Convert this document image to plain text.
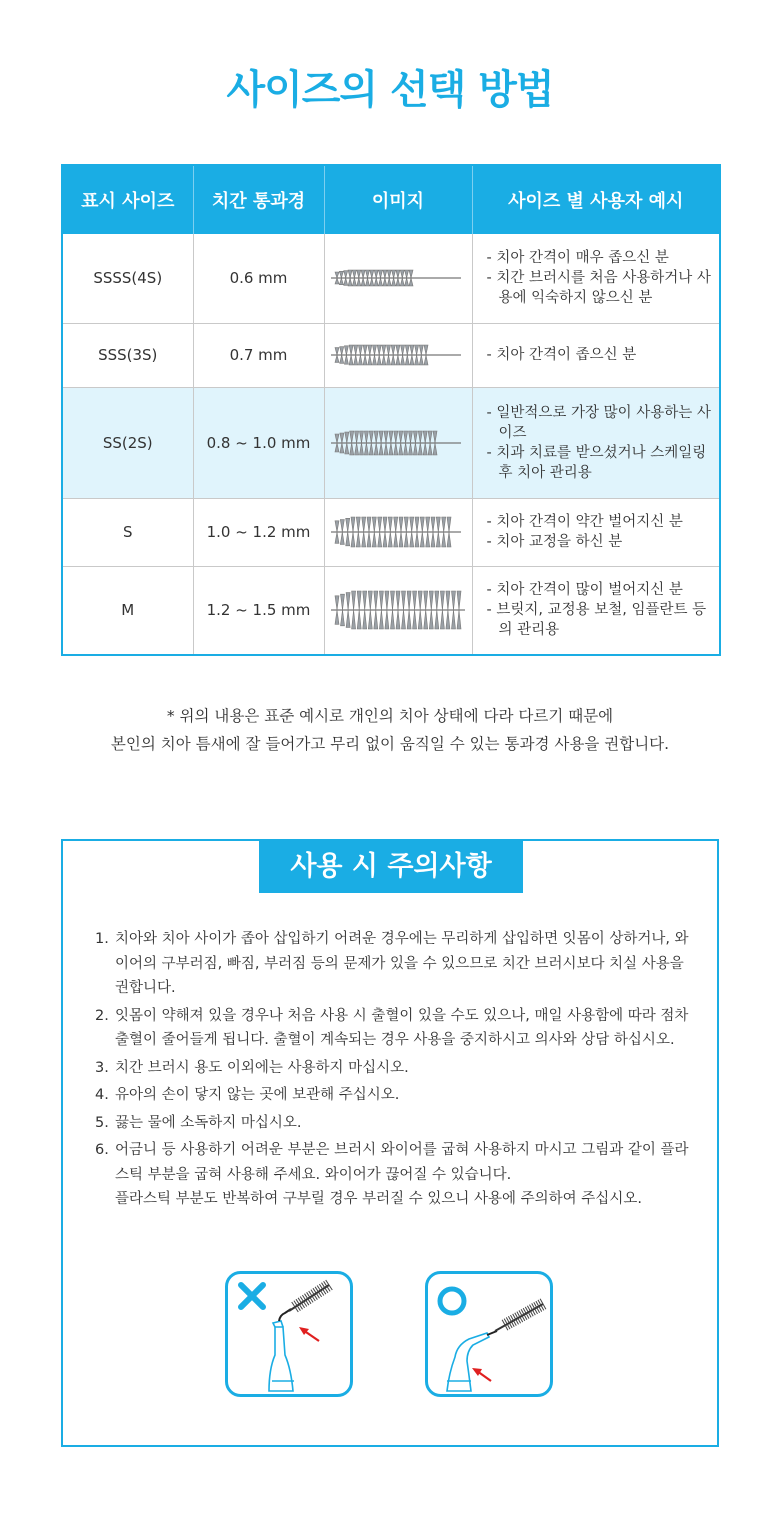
사이즈의 선택 방법
표시 사이즈	치간 통과경	이미지	사이즈 별 사용자 예시
SSSS(4S)	0.6 mm		- 치아 간격이 매우 좁으신 분
- 치간 브러시를 처음 사용하거나 사용에 익숙하지 않으신 분

SSS(3S)	0.7 mm		- 치아 간격이 좁으신 분

SS(2S)	0.8 ~ 1.0 mm		- 일반적으로 가장 많이 사용하는 사이즈
- 치과 치료를 받으셨거나 스케일링 후 치아 관리용

S	1.0 ~ 1.2 mm		- 치아 간격이 약간 벌어지신 분
- 치아 교정을 하신 분

M	1.2 ~ 1.5 mm		- 치아 간격이 많이 벌어지신 분
- 브릿지, 교정용 보철, 임플란트 등의 관리용
* 위의 내용은 표준 예시로 개인의 치아 상태에 다라 다르기 때문에
본인의 치아 틈새에 잘 들어가고 무리 없이 움직일 수 있는 통과경 사용을 권합니다.
사용 시 주의사항
1. 치아와 치아 사이가 좁아 삽입하기 어려운 경우에는 무리하게 삽입하면 잇몸이 상하거나, 와이어의 구부러짐, 빠짐, 부러짐 등의 문제가 있을 수 있으므로 치간 브러시보다 치실 사용을 권합니다.
2. 잇몸이 약해져 있을 경우나 처음 사용 시 출혈이 있을 수도 있으나, 매일 사용함에 따라 점차 출혈이 줄어들게 됩니다. 출혈이 계속되는 경우 사용을 중지하시고 의사와 상담 하십시오.
3. 치간 브러시 용도 이외에는 사용하지 마십시오.
4. 유아의 손이 닿지 않는 곳에 보관해 주십시오.
5. 끓는 물에 소독하지 마십시오.
6. 어금니 등 사용하기 어려운 부분은 브러시 와이어를 굽혀 사용하지 마시고 그림과 같이 플라스틱 부분을 굽혀 사용해 주세요. 와이어가 끊어질 수 있습니다.
플라스틱 부분도 반복하여 구부릴 경우 부러질 수 있으니 사용에 주의하여 주십시오.
